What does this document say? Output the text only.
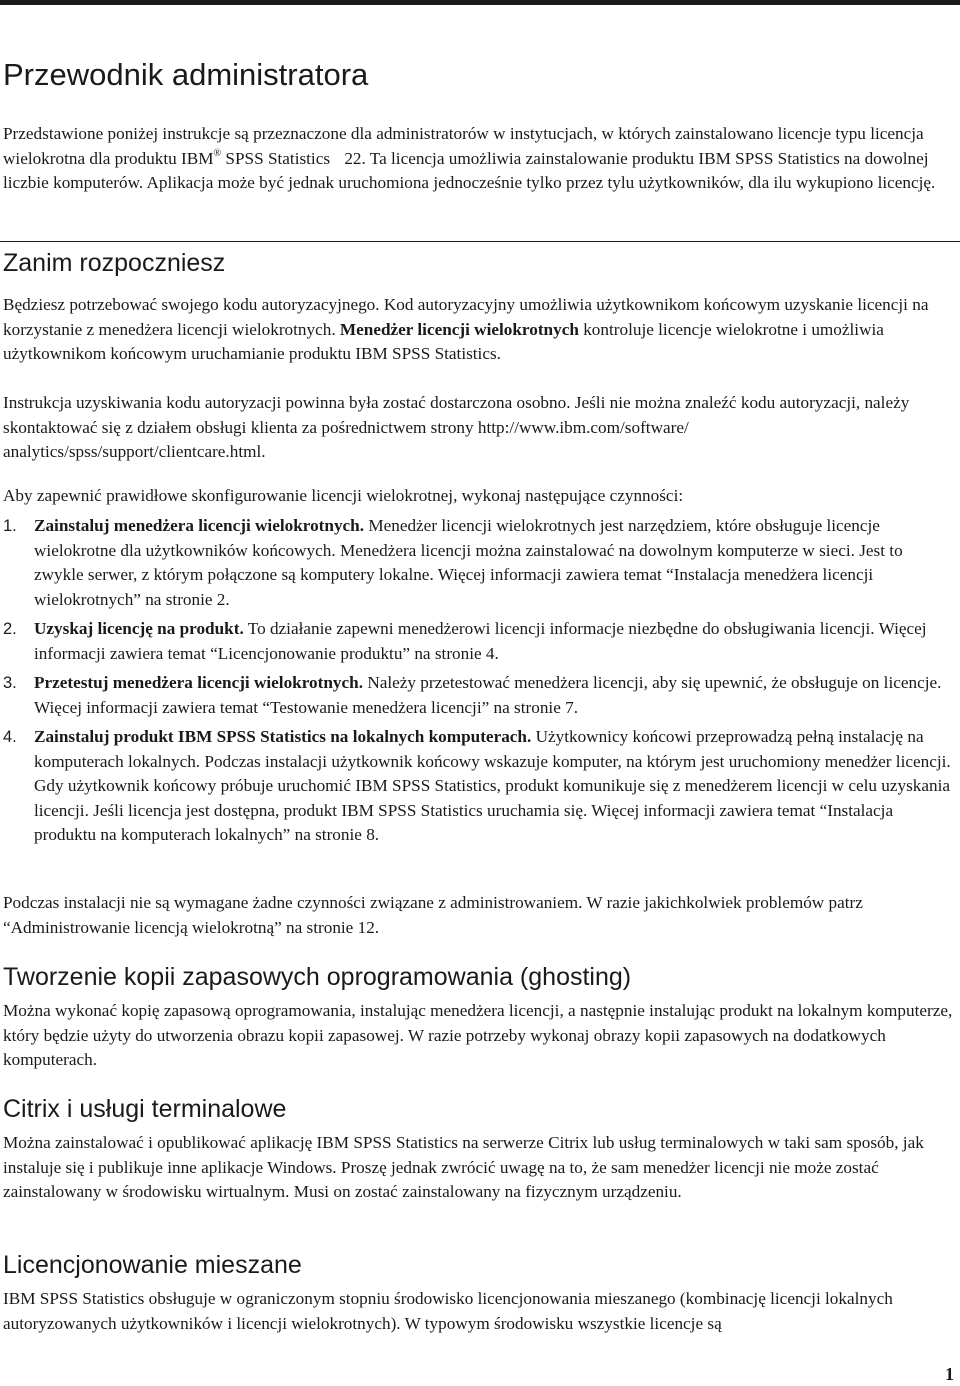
Przewodnik administratora

Przedstawione poniżej instrukcje są przeznaczone dla administratorów w instytucjach, w których zainstalowano licencje typu licencja wielokrotna dla produktu IBM® SPSS Statistics 22. Ta licencja umożliwia zainstalowanie produktu IBM SPSS Statistics na dowolnej liczbie komputerów. Aplikacja może być jednak uruchomiona jednocześnie tylko przez tylu użytkowników, dla ilu wykupiono licencję.

Zanim rozpoczniesz

Będziesz potrzebować swojego kodu autoryzacyjnego. Kod autoryzacyjny umożliwia użytkownikom końcowym uzyskanie licencji na korzystanie z menedżera licencji wielokrotnych. Menedżer licencji wielokrotnych kontroluje licencje wielokrotne i umożliwia użytkownikom końcowym uruchamianie produktu IBM SPSS Statistics.

Instrukcja uzyskiwania kodu autoryzacji powinna była zostać dostarczona osobno. Jeśli nie można znaleźć kodu autoryzacji, należy skontaktować się z działem obsługi klienta za pośrednictwem strony http://www.ibm.com/software/ analytics/spss/support/clientcare.html.

Aby zapewnić prawidłowe skonfigurowanie licencji wielokrotnej, wykonaj następujące czynności:

1. Zainstaluj menedżera licencji wielokrotnych. Menedżer licencji wielokrotnych jest narzędziem, które obsługuje licencje wielokrotne dla użytkowników końcowych. Menedżera licencji można zainstalować na dowolnym komputerze w sieci. Jest to zwykle serwer, z którym połączone są komputery lokalne. Więcej informacji zawiera temat “Instalacja menedżera licencji wielokrotnych” na stronie 2.

2. Uzyskaj licencję na produkt. To działanie zapewni menedżerowi licencji informacje niezbędne do obsługiwania licencji. Więcej informacji zawiera temat “Licencjonowanie produktu” na stronie 4.

3. Przetestuj menedżera licencji wielokrotnych. Należy przetestować menedżera licencji, aby się upewnić, że obsługuje on licencje. Więcej informacji zawiera temat “Testowanie menedżera licencji” na stronie 7.

4. Zainstaluj produkt IBM SPSS Statistics na lokalnych komputerach. Użytkownicy końcowi przeprowadzą pełną instalację na komputerach lokalnych. Podczas instalacji użytkownik końcowy wskazuje komputer, na którym jest uruchomiony menedżer licencji. Gdy użytkownik końcowy próbuje uruchomić IBM SPSS Statistics, produkt komunikuje się z menedżerem licencji w celu uzyskania licencji. Jeśli licencja jest dostępna, produkt IBM SPSS Statistics uruchamia się. Więcej informacji zawiera temat “Instalacja produktu na komputerach lokalnych” na stronie 8.

Podczas instalacji nie są wymagane żadne czynności związane z administrowaniem. W razie jakichkolwiek problemów patrz “Administrowanie licencją wielokrotną” na stronie 12.

Tworzenie kopii zapasowych oprogramowania (ghosting)

Można wykonać kopię zapasową oprogramowania, instalując menedżera licencji, a następnie instalując produkt na lokalnym komputerze, który będzie użyty do utworzenia obrazu kopii zapasowej. W razie potrzeby wykonaj obrazy kopii zapasowych na dodatkowych komputerach.

Citrix i usługi terminalowe

Można zainstalować i opublikować aplikację IBM SPSS Statistics na serwerze Citrix lub usług terminalowych w taki sam sposób, jak instaluje się i publikuje inne aplikacje Windows. Proszę jednak zwrócić uwagę na to, że sam menedżer licencji nie może zostać zainstalowany w środowisku wirtualnym. Musi on zostać zainstalowany na fizycznym urządzeniu.

Licencjonowanie mieszane

IBM SPSS Statistics obsługuje w ograniczonym stopniu środowisko licencjonowania mieszanego (kombinację licencji lokalnych autoryzowanych użytkowników i licencji wielokrotnych). W typowym środowisku wszystkie licencje są

1
